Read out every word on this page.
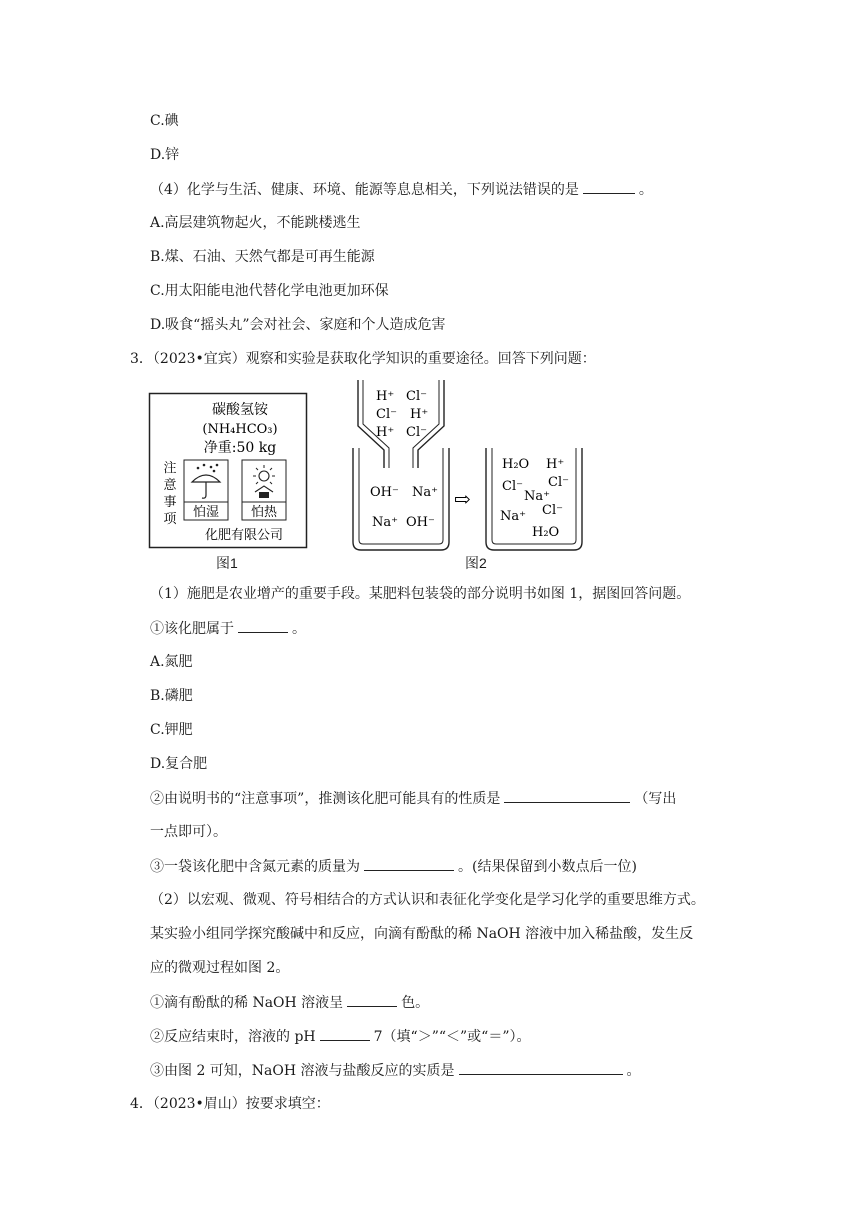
C.碘
D.锌
（4）化学与生活、健康、环境、能源等息息相关，下列说法错误的是	。
A.高层建筑物起火，不能跳楼逃生
B.煤、石油、天然气都是可再生能源
C.用太阳能电池代替化学电池更加环保
D.吸食“摇头丸”会对社会、家庭和个人造成危害
3．（2023•宜宾）观察和实验是获取化学知识的重要途径。回答下列问题：
碳酸氢铵
(NH₄HCO₃)
净重:50 kg
注
意
事
项 怕湿 怕热
化肥有限公司
图1
H⁺ Cl⁻
Cl⁻ H⁺
H⁺ Cl⁻
OH⁻ Na⁺
Na⁺ OH⁻
⇨
H₂O H⁺
Cl⁻
Cl⁻
Na⁺
Na⁺ Cl⁻
H₂O
图2
（1）施肥是农业增产的重要手段。某肥料包装袋的部分说明书如图 1，据图回答问题。
①该化肥属于	。
A.氮肥
B.磷肥
C.钾肥
D.复合肥
②由说明书的“注意事项”，推测该化肥可能具有的性质是	（写出
一点即可）。
③一袋该化肥中含氮元素的质量为	。(结果保留到小数点后一位)
（2）以宏观、微观、符号相结合的方式认识和表征化学变化是学习化学的重要思维方式。
某实验小组同学探究酸碱中和反应，向滴有酚酞的稀 NaOH 溶液中加入稀盐酸，发生反
应的微观过程如图 2。
①滴有酚酞的稀 NaOH 溶液呈	色。
②反应结束时，溶液的 pH	7（填“＞”“＜”或“＝”）。
③由图 2 可知，NaOH 溶液与盐酸反应的实质是	。
4．（2023•眉山）按要求填空：
